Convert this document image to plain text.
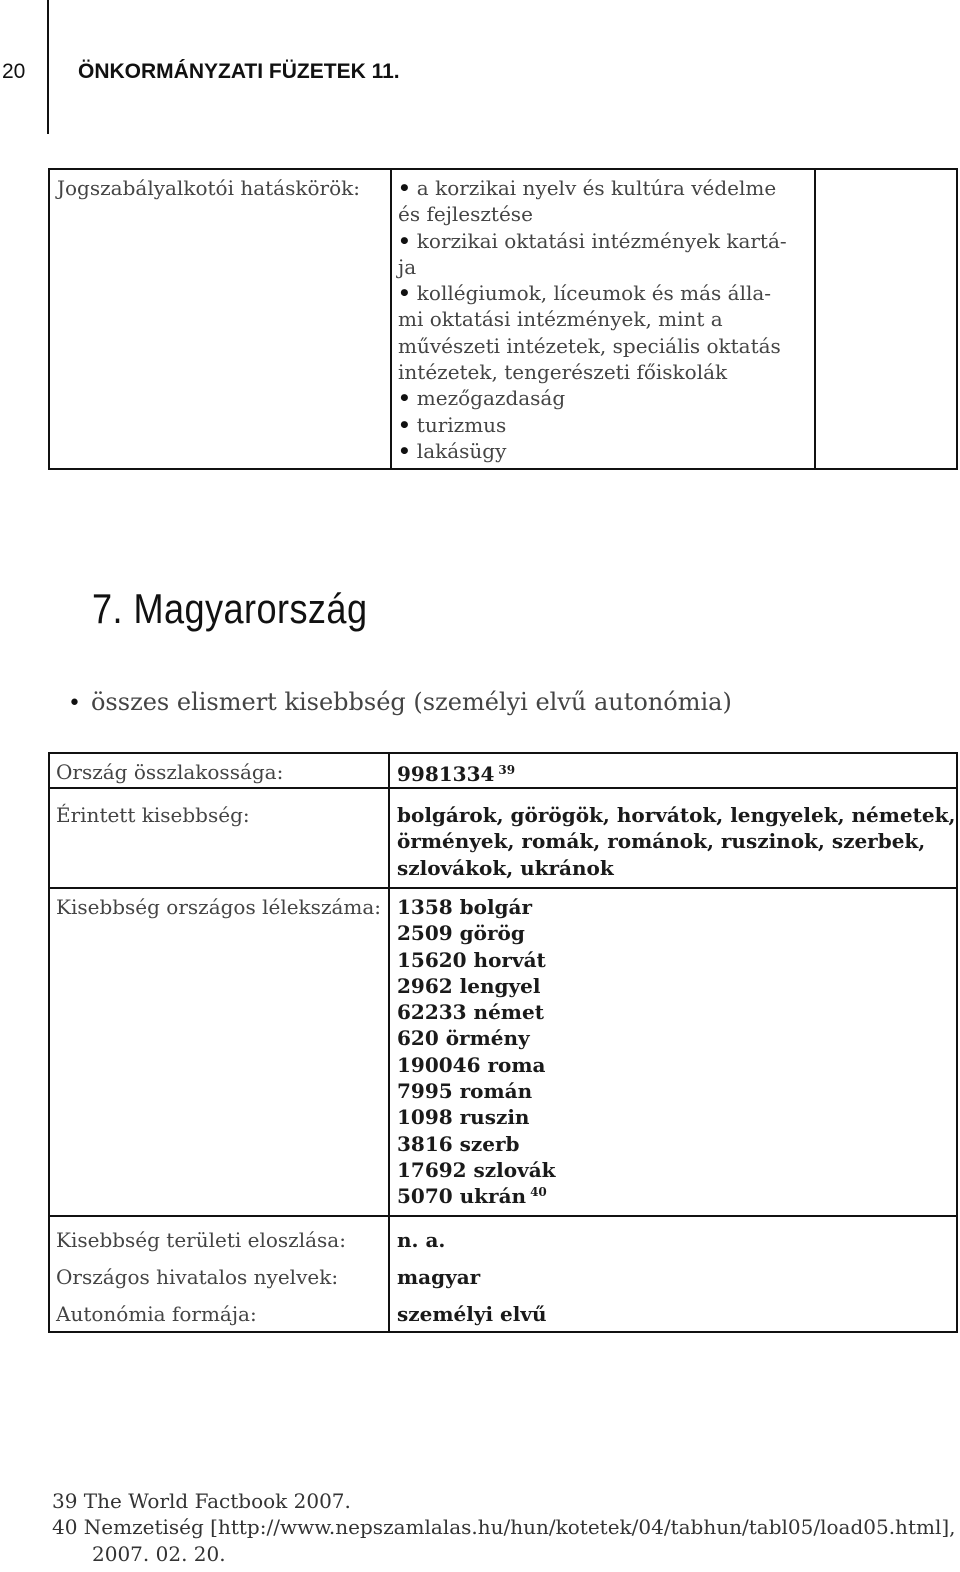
20	ÖNKORMÁNYZATI FÜZETEK 11.
Jogszabályalkotói hatáskörök:	• a korzikai nyelv és kultúra védelme
és fejlesztése
• korzikai oktatási intézmények kartá-
ja
• kollégiumok, líceumok és más álla-
mi oktatási intézmények, mint a
művészeti intézetek, speciális oktatás
intézetek, tengerészeti főiskolák
• mezőgazdaság
• turizmus
• lakásügy
7. Magyarország
• összes elismert kisebbség (személyi elvű autonómia)
Ország összlakossága:	9981334 $^{39}$
Érintett kisebbség:	bolgárok, görögök, horvátok, lengyelek, németek,
örmények, romák, románok, ruszinok, szerbek,
szlovákok, ukránok
Kisebbség országos lélekszáma: 1358 bolgár
2509 görög
15620 horvát
2962 lengyel
62233 német
620 örmény
190046 roma
7995 román
1098 ruszin
3816 szerb
17692 szlovák
5070 ukrán $^{40}$
Kisebbség területi eloszlása:	n. a.
Országos hivatalos nyelvek:	magyar
Autonómia formája:	személyi elvű
39 The World Factbook 2007.
40 Nemzetiség [http://www.nepszamlalas.hu/hun/kotetek/04/tabhun/tabl05/load05.html],
2007. 02. 20.
